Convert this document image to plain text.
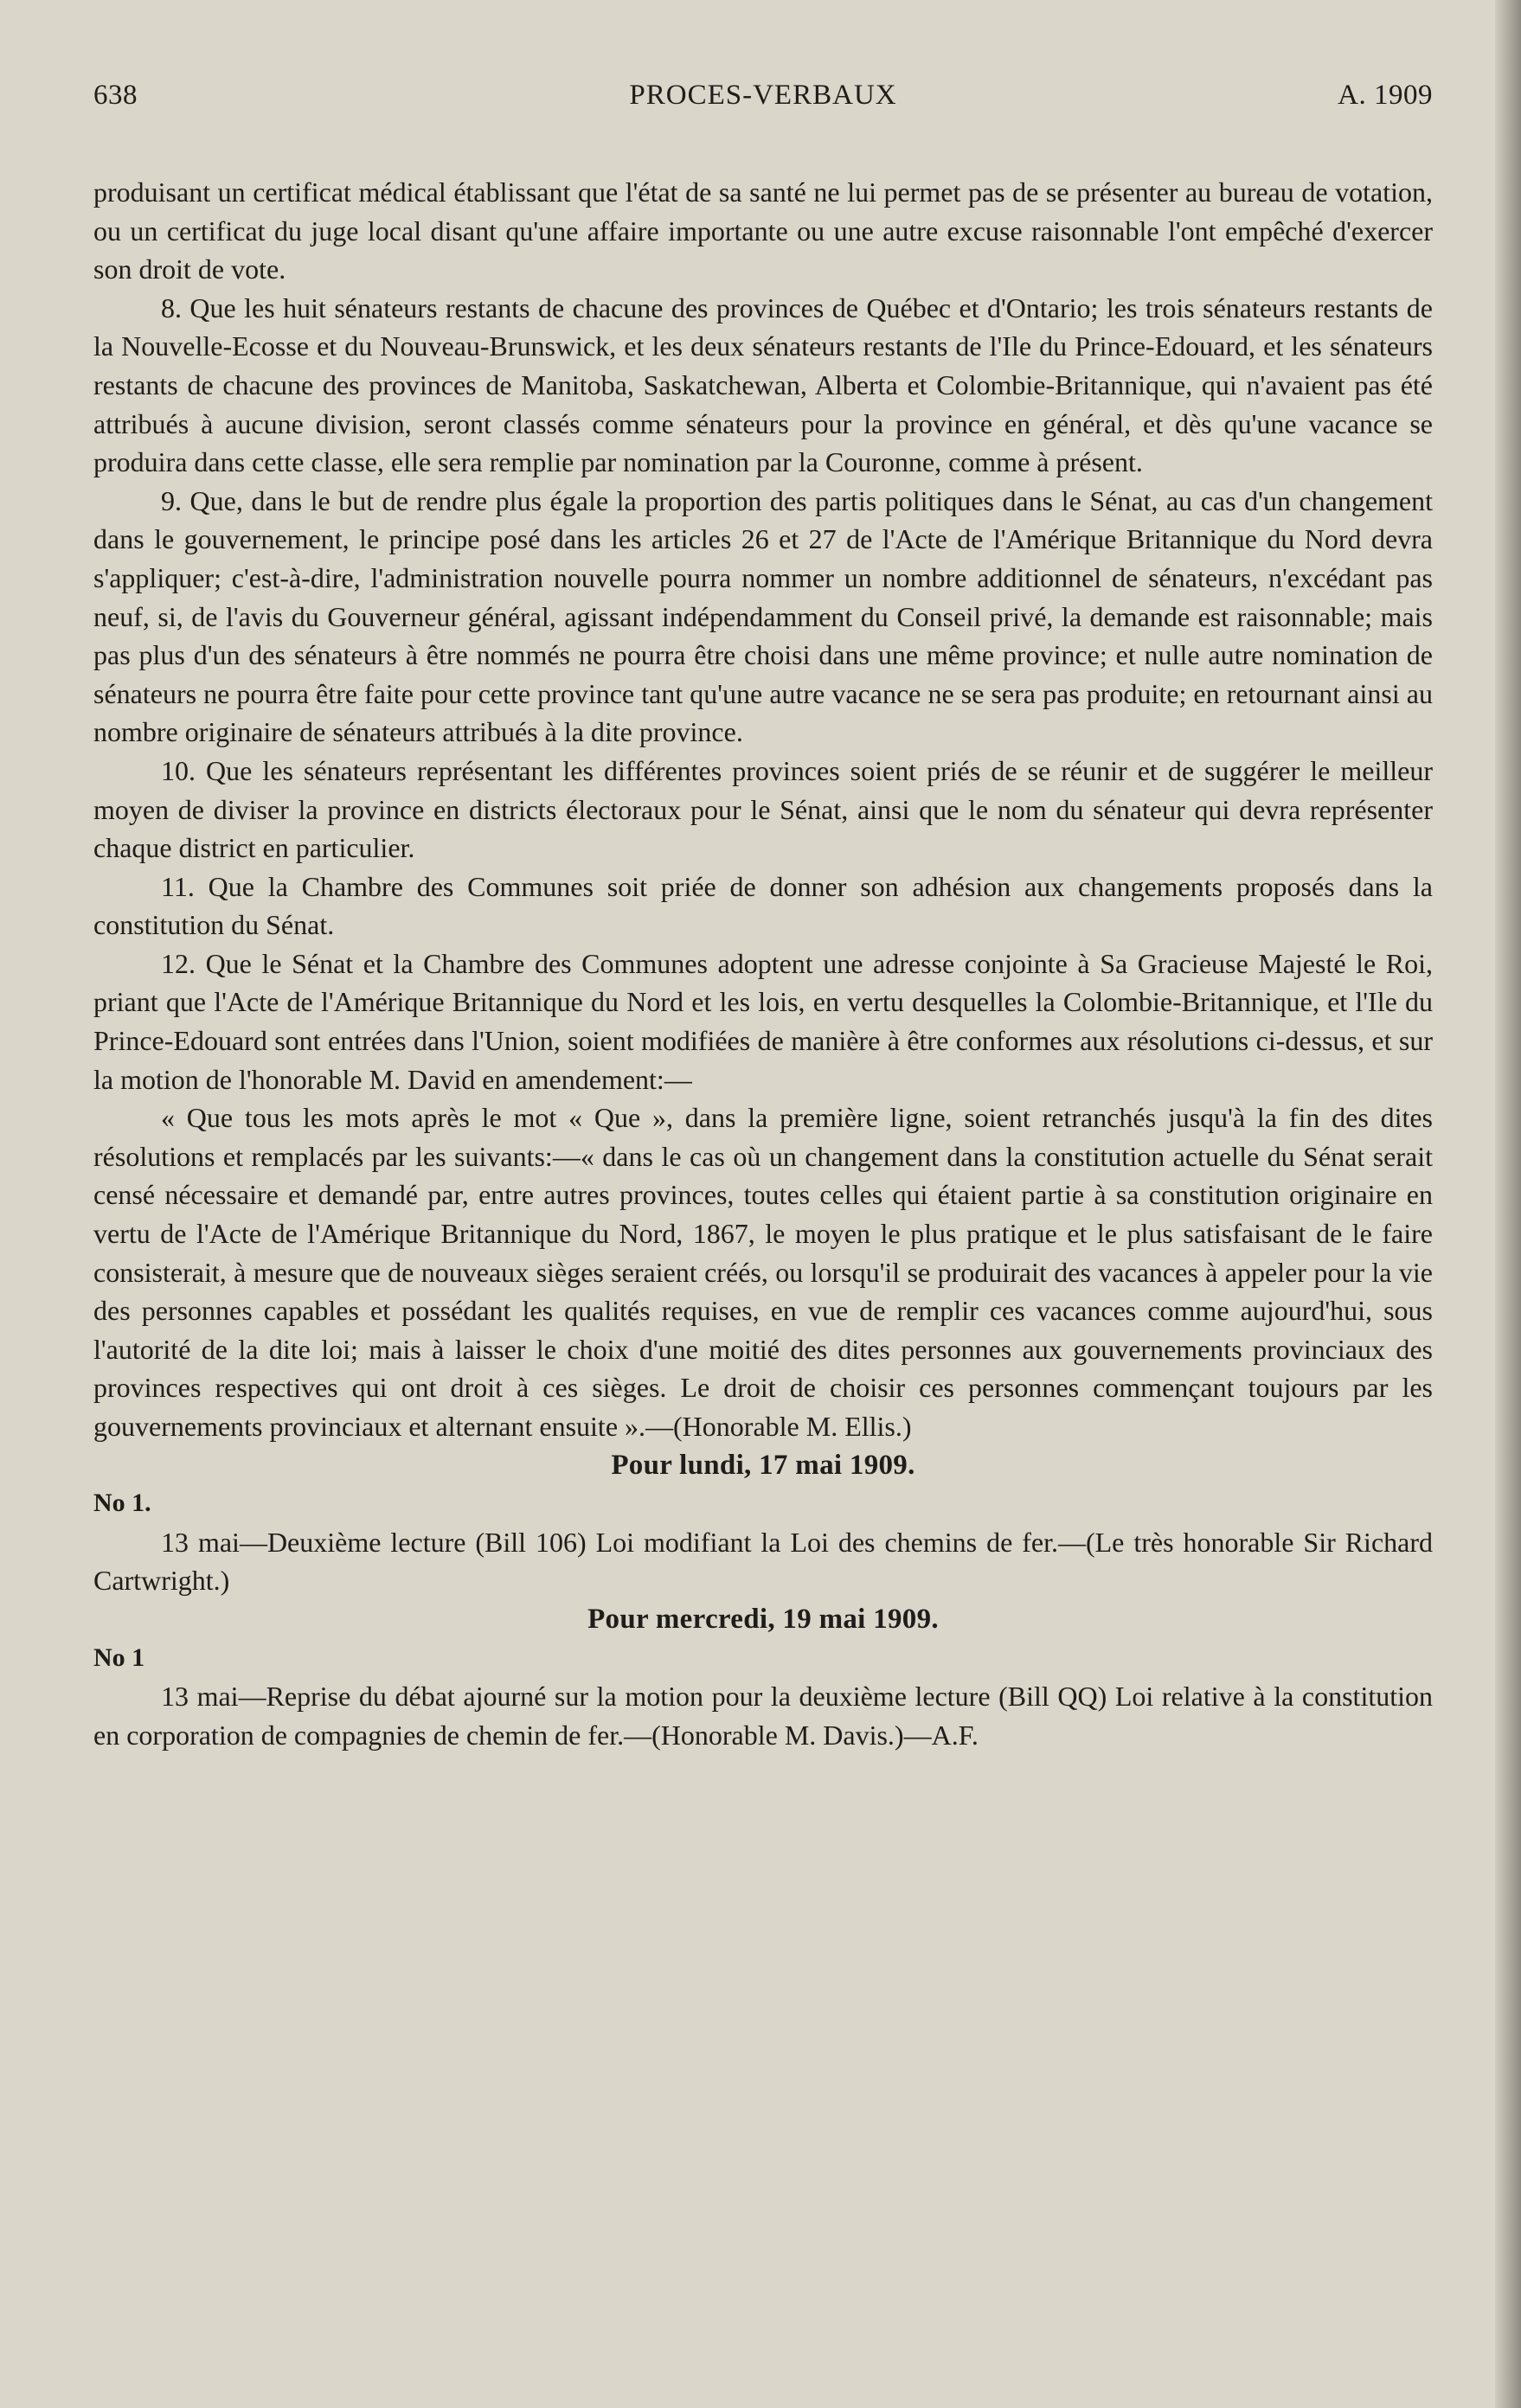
638	PROCES-VERBAUX	A. 1909

produisant un certificat médical établissant que l'état de sa santé ne lui permet pas de se présenter au bureau de votation, ou un certificat du juge local disant qu'une affaire importante ou une autre excuse raisonnable l'ont empêché d'exercer son droit de vote.

8. Que les huit sénateurs restants de chacune des provinces de Québec et d'Ontario; les trois sénateurs restants de la Nouvelle-Ecosse et du Nouveau-Brunswick, et les deux sénateurs restants de l'Ile du Prince-Edouard, et les sénateurs restants de chacune des provinces de Manitoba, Saskatchewan, Alberta et Colombie-Britannique, qui n'avaient pas été attribués à aucune division, seront classés comme sénateurs pour la province en général, et dès qu'une vacance se produira dans cette classe, elle sera remplie par nomination par la Couronne, comme à présent.

9. Que, dans le but de rendre plus égale la proportion des partis politiques dans le Sénat, au cas d'un changement dans le gouvernement, le principe posé dans les articles 26 et 27 de l'Acte de l'Amérique Britannique du Nord devra s'appliquer; c'est-à-dire, l'administration nouvelle pourra nommer un nombre additionnel de sénateurs, n'excédant pas neuf, si, de l'avis du Gouverneur général, agissant indépendamment du Conseil privé, la demande est raisonnable; mais pas plus d'un des sénateurs à être nommés ne pourra être choisi dans une même province; et nulle autre nomination de sénateurs ne pourra être faite pour cette province tant qu'une autre vacance ne se sera pas produite; en retournant ainsi au nombre originaire de sénateurs attribués à la dite province.

10. Que les sénateurs représentant les différentes provinces soient priés de se réunir et de suggérer le meilleur moyen de diviser la province en districts électoraux pour le Sénat, ainsi que le nom du sénateur qui devra représenter chaque district en particulier.

11. Que la Chambre des Communes soit priée de donner son adhésion aux changements proposés dans la constitution du Sénat.

12. Que le Sénat et la Chambre des Communes adoptent une adresse conjointe à Sa Gracieuse Majesté le Roi, priant que l'Acte de l'Amérique Britannique du Nord et les lois, en vertu desquelles la Colombie-Britannique, et l'Ile du Prince-Edouard sont entrées dans l'Union, soient modifiées de manière à être conformes aux résolutions ci-dessus, et sur la motion de l'honorable M. David en amendement:—

« Que tous les mots après le mot « Que », dans la première ligne, soient retranchés jusqu'à la fin des dites résolutions et remplacés par les suivants:—« dans le cas où un changement dans la constitution actuelle du Sénat serait censé nécessaire et demandé par, entre autres provinces, toutes celles qui étaient partie à sa constitution originaire en vertu de l'Acte de l'Amérique Britannique du Nord, 1867, le moyen le plus pratique et le plus satisfaisant de le faire consisterait, à mesure que de nouveaux sièges seraient créés, ou lorsqu'il se produirait des vacances à appeler pour la vie des personnes capables et possédant les qualités requises, en vue de remplir ces vacances comme aujourd'hui, sous l'autorité de la dite loi; mais à laisser le choix d'une moitié des dites personnes aux gouvernements provinciaux des provinces respectives qui ont droit à ces sièges. Le droit de choisir ces personnes commençant toujours par les gouvernements provinciaux et alternant ensuite ».—(Honorable M. Ellis.)

Pour lundi, 17 mai 1909.

No 1.

13 mai—Deuxième lecture (Bill 106) Loi modifiant la Loi des chemins de fer.—(Le très honorable Sir Richard Cartwright.)

Pour mercredi, 19 mai 1909.

No 1

13 mai—Reprise du débat ajourné sur la motion pour la deuxième lecture (Bill QQ) Loi relative à la constitution en corporation de compagnies de chemin de fer.—(Honorable M. Davis.)—A.F.
